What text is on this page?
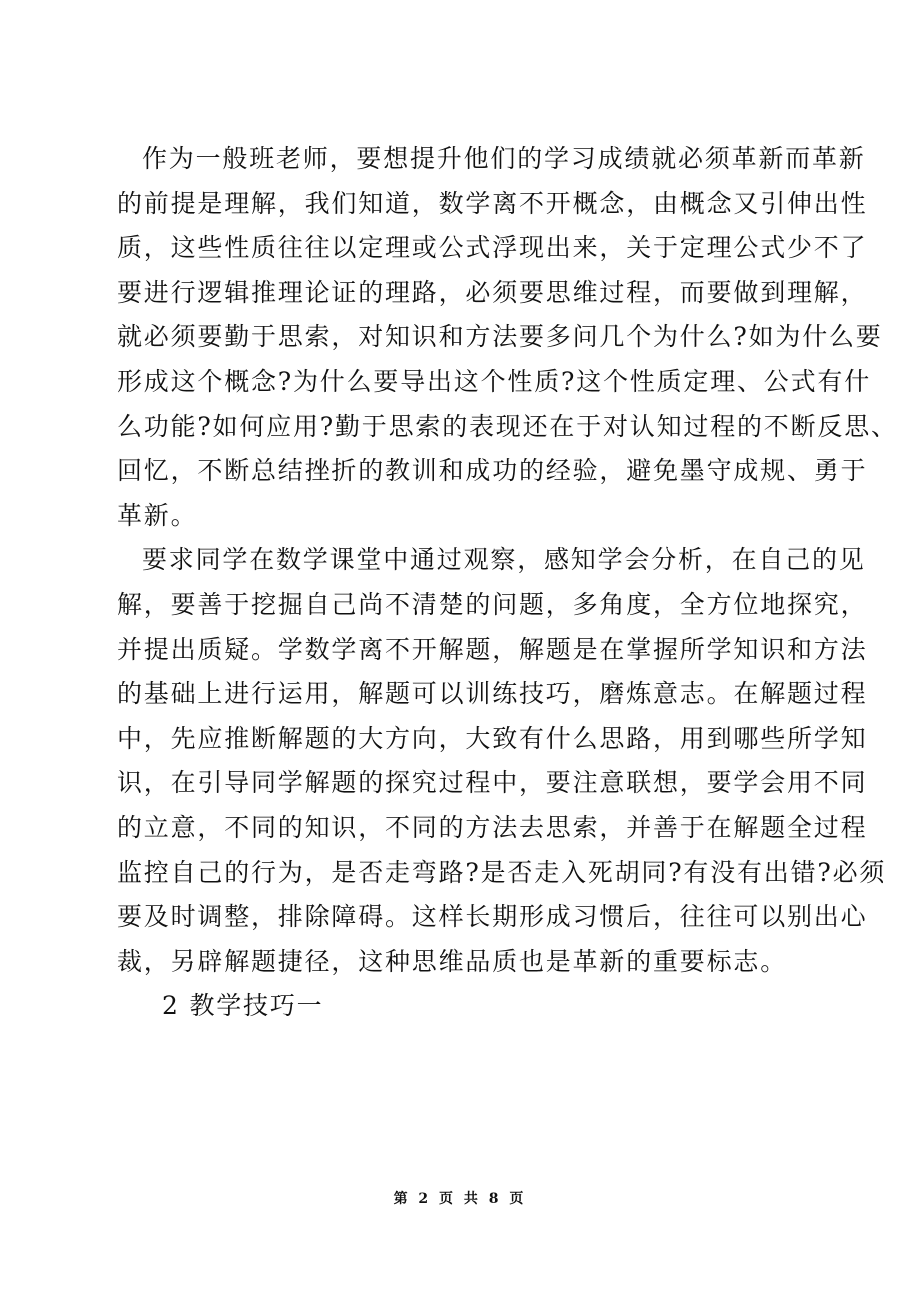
作为一般班老师，要想提升他们的学习成绩就必须革新而革新
的前提是理解，我们知道，数学离不开概念，由概念又引伸出性
质，这些性质往往以定理或公式浮现出来，关于定理公式少不了
要进行逻辑推理论证的理路，必须要思维过程，而要做到理解，
就必须要勤于思索，对知识和方法要多问几个为什么?如为什么要
形成这个概念?为什么要导出这个性质?这个性质定理、公式有什
么功能?如何应用?勤于思索的表现还在于对认知过程的不断反思、
回忆，不断总结挫折的教训和成功的经验，避免墨守成规、勇于
革新。
要求同学在数学课堂中通过观察，感知学会分析，在自己的见
解，要善于挖掘自己尚不清楚的问题，多角度，全方位地探究，
并提出质疑。学数学离不开解题，解题是在掌握所学知识和方法
的基础上进行运用，解题可以训练技巧，磨炼意志。在解题过程
中，先应推断解题的大方向，大致有什么思路，用到哪些所学知
识，在引导同学解题的探究过程中，要注意联想，要学会用不同
的立意，不同的知识，不同的方法去思索，并善于在解题全过程
监控自己的行为，是否走弯路?是否走入死胡同?有没有出错?必须
要及时调整，排除障碍。这样长期形成习惯后，往往可以别出心
裁，另辟解题捷径，这种思维品质也是革新的重要标志。
2 教学技巧一
第 2 页 共 8 页
